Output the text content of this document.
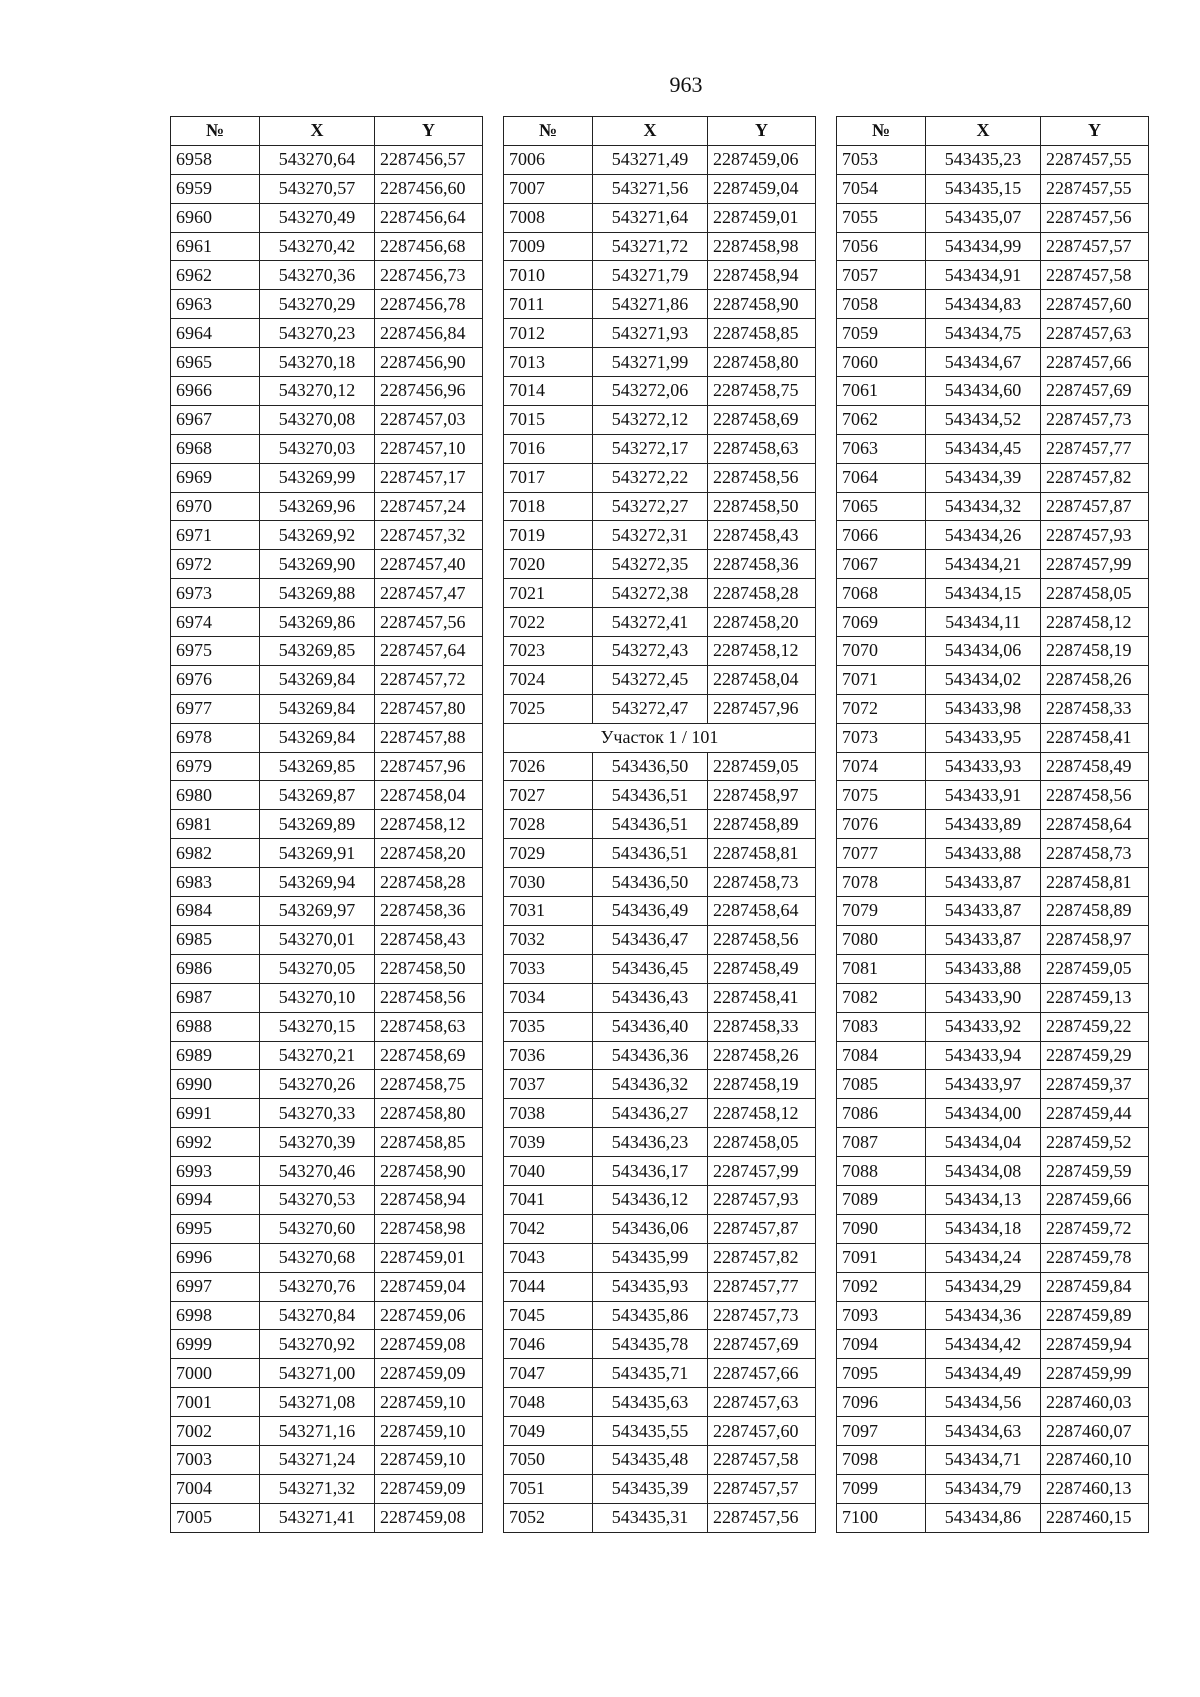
963
№	X	Y
6958	543270,64	2287456,57
6959	543270,57	2287456,60
6960	543270,49	2287456,64
6961	543270,42	2287456,68
6962	543270,36	2287456,73
6963	543270,29	2287456,78
6964	543270,23	2287456,84
6965	543270,18	2287456,90
6966	543270,12	2287456,96
6967	543270,08	2287457,03
6968	543270,03	2287457,10
6969	543269,99	2287457,17
6970	543269,96	2287457,24
6971	543269,92	2287457,32
6972	543269,90	2287457,40
6973	543269,88	2287457,47
6974	543269,86	2287457,56
6975	543269,85	2287457,64
6976	543269,84	2287457,72
6977	543269,84	2287457,80
6978	543269,84	2287457,88
6979	543269,85	2287457,96
6980	543269,87	2287458,04
6981	543269,89	2287458,12
6982	543269,91	2287458,20
6983	543269,94	2287458,28
6984	543269,97	2287458,36
6985	543270,01	2287458,43
6986	543270,05	2287458,50
6987	543270,10	2287458,56
6988	543270,15	2287458,63
6989	543270,21	2287458,69
6990	543270,26	2287458,75
6991	543270,33	2287458,80
6992	543270,39	2287458,85
6993	543270,46	2287458,90
6994	543270,53	2287458,94
6995	543270,60	2287458,98
6996	543270,68	2287459,01
6997	543270,76	2287459,04
6998	543270,84	2287459,06
6999	543270,92	2287459,08
7000	543271,00	2287459,09
7001	543271,08	2287459,10
7002	543271,16	2287459,10
7003	543271,24	2287459,10
7004	543271,32	2287459,09
7005	543271,41	2287459,08
№	X	Y
7006	543271,49	2287459,06
7007	543271,56	2287459,04
7008	543271,64	2287459,01
7009	543271,72	2287458,98
7010	543271,79	2287458,94
7011	543271,86	2287458,90
7012	543271,93	2287458,85
7013	543271,99	2287458,80
7014	543272,06	2287458,75
7015	543272,12	2287458,69
7016	543272,17	2287458,63
7017	543272,22	2287458,56
7018	543272,27	2287458,50
7019	543272,31	2287458,43
7020	543272,35	2287458,36
7021	543272,38	2287458,28
7022	543272,41	2287458,20
7023	543272,43	2287458,12
7024	543272,45	2287458,04
7025	543272,47	2287457,96
Участок 1 / 101		
7026	543436,50	2287459,05
7027	543436,51	2287458,97
7028	543436,51	2287458,89
7029	543436,51	2287458,81
7030	543436,50	2287458,73
7031	543436,49	2287458,64
7032	543436,47	2287458,56
7033	543436,45	2287458,49
7034	543436,43	2287458,41
7035	543436,40	2287458,33
7036	543436,36	2287458,26
7037	543436,32	2287458,19
7038	543436,27	2287458,12
7039	543436,23	2287458,05
7040	543436,17	2287457,99
7041	543436,12	2287457,93
7042	543436,06	2287457,87
7043	543435,99	2287457,82
7044	543435,93	2287457,77
7045	543435,86	2287457,73
7046	543435,78	2287457,69
7047	543435,71	2287457,66
7048	543435,63	2287457,63
7049	543435,55	2287457,60
7050	543435,48	2287457,58
7051	543435,39	2287457,57
7052	543435,31	2287457,56
№	X	Y
7053	543435,23	2287457,55
7054	543435,15	2287457,55
7055	543435,07	2287457,56
7056	543434,99	2287457,57
7057	543434,91	2287457,58
7058	543434,83	2287457,60
7059	543434,75	2287457,63
7060	543434,67	2287457,66
7061	543434,60	2287457,69
7062	543434,52	2287457,73
7063	543434,45	2287457,77
7064	543434,39	2287457,82
7065	543434,32	2287457,87
7066	543434,26	2287457,93
7067	543434,21	2287457,99
7068	543434,15	2287458,05
7069	543434,11	2287458,12
7070	543434,06	2287458,19
7071	543434,02	2287458,26
7072	543433,98	2287458,33
7073	543433,95	2287458,41
7074	543433,93	2287458,49
7075	543433,91	2287458,56
7076	543433,89	2287458,64
7077	543433,88	2287458,73
7078	543433,87	2287458,81
7079	543433,87	2287458,89
7080	543433,87	2287458,97
7081	543433,88	2287459,05
7082	543433,90	2287459,13
7083	543433,92	2287459,22
7084	543433,94	2287459,29
7085	543433,97	2287459,37
7086	543434,00	2287459,44
7087	543434,04	2287459,52
7088	543434,08	2287459,59
7089	543434,13	2287459,66
7090	543434,18	2287459,72
7091	543434,24	2287459,78
7092	543434,29	2287459,84
7093	543434,36	2287459,89
7094	543434,42	2287459,94
7095	543434,49	2287459,99
7096	543434,56	2287460,03
7097	543434,63	2287460,07
7098	543434,71	2287460,10
7099	543434,79	2287460,13
7100	543434,86	2287460,15
